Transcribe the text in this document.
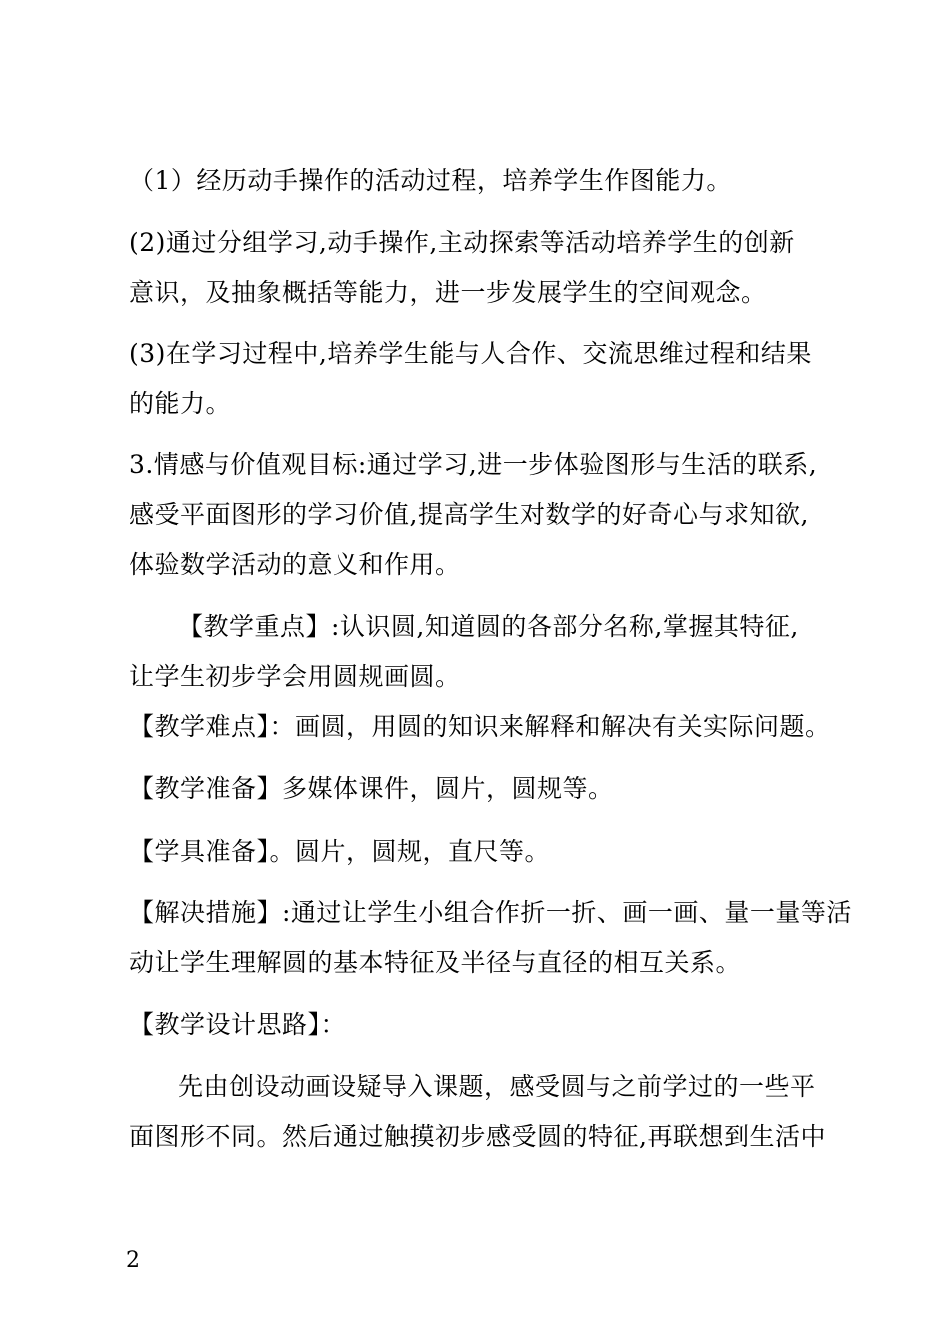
（1）经历动手操作的活动过程，培养学生作图能力。
(2)通过分组学习,动手操作,主动探索等活动培养学生的创新
意识，及抽象概括等能力，进一步发展学生的空间观念。
(3)在学习过程中,培养学生能与人合作、交流思维过程和结果
的能力。
3.情感与价值观目标:通过学习,进一步体验图形与生活的联系,
感受平面图形的学习价值,提高学生对数学的好奇心与求知欲,
体验数学活动的意义和作用。
【教学重点】:认识圆,知道圆的各部分名称,掌握其特征,
让学生初步学会用圆规画圆。
【教学难点】：画圆，用圆的知识来解释和解决有关实际问题。
【教学准备】多媒体课件，圆片，圆规等。
【学具准备】。圆片，圆规，直尺等。
【解决措施】:通过让学生小组合作折一折、画一画、量一量等活
动让学生理解圆的基本特征及半径与直径的相互关系。
【教学设计思路】：
先由创设动画设疑导入课题，感受圆与之前学过的一些平
面图形不同。然后通过触摸初步感受圆的特征,再联想到生活中
2
